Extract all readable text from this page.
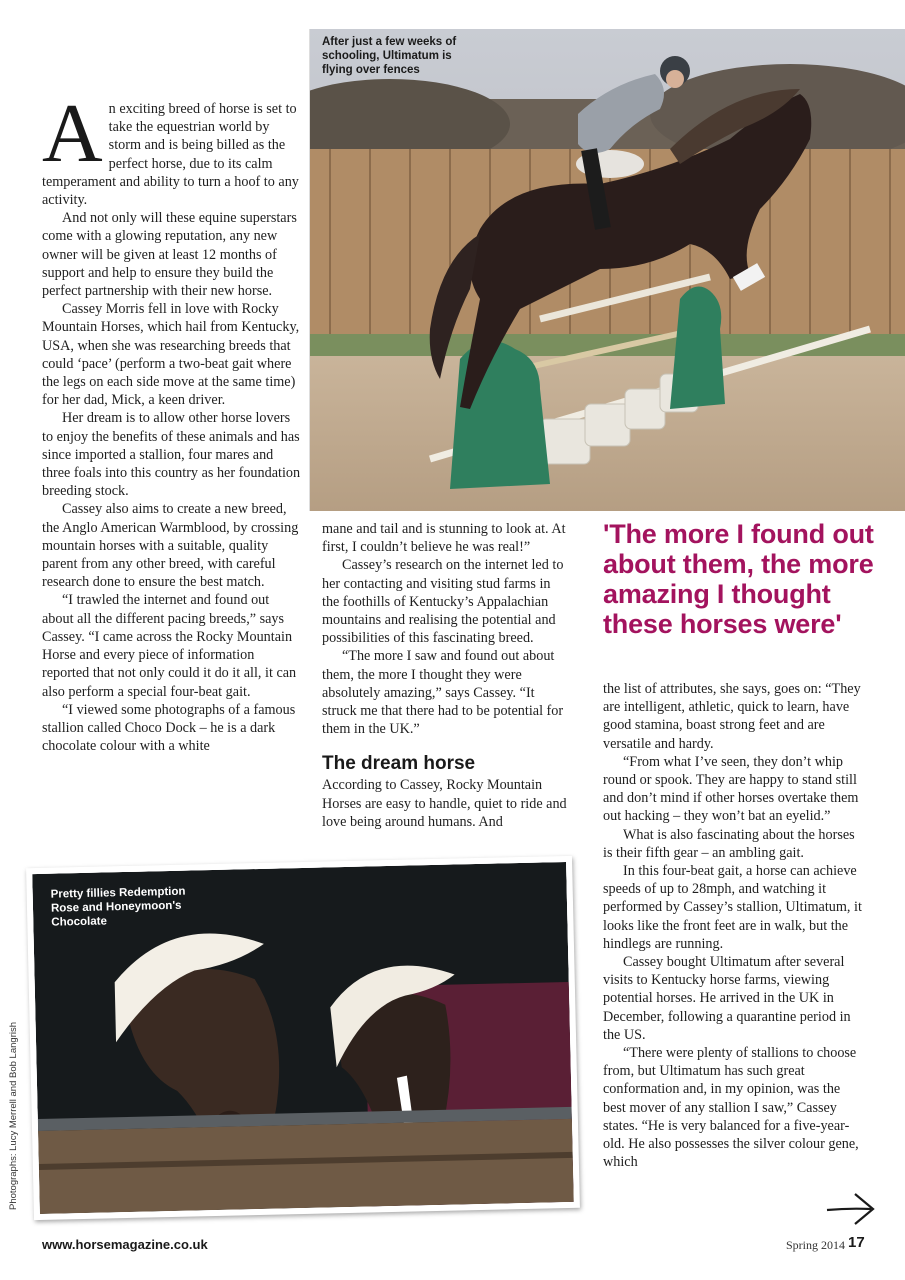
After just a few weeks of schooling, Ultimatum is flying over fences

An exciting breed of horse is set to take the equestrian world by storm and is being billed as the perfect horse, due to its calm temperament and ability to turn a hoof to any activity.

And not only will these equine superstars come with a glowing reputation, any new owner will be given at least 12 months of support and help to ensure they build the perfect partnership with their new horse.

Cassey Morris fell in love with Rocky Mountain Horses, which hail from Kentucky, USA, when she was researching breeds that could ‘pace’ (perform a two-beat gait where the legs on each side move at the same time) for her dad, Mick, a keen driver.

Her dream is to allow other horse lovers to enjoy the benefits of these animals and has since imported a stallion, four mares and three foals into this country as her foundation breeding stock.

Cassey also aims to create a new breed, the Anglo American Warmblood, by crossing mountain horses with a suitable, quality parent from any other breed, with careful research done to ensure the best match.

“I trawled the internet and found out about all the different pacing breeds,” says Cassey. “I came across the Rocky Mountain Horse and every piece of information reported that not only could it do it all, it can also perform a special four-beat gait.

“I viewed some photographs of a famous stallion called Choco Dock – he is a dark chocolate colour with a white

mane and tail and is stunning to look at. At first, I couldn’t believe he was real!”

Cassey’s research on the internet led to her contacting and visiting stud farms in the foothills of Kentucky’s Appalachian mountains and realising the potential and possibilities of this fascinating breed.

“The more I saw and found out about them, the more I thought they were absolutely amazing,” says Cassey. “It struck me that there had to be potential for them in the UK.”

The dream horse

According to Cassey, Rocky Mountain Horses are easy to handle, quiet to ride and love being around humans. And

'The more I found out about them, the more amazing I thought these horses were'

the list of attributes, she says, goes on: “They are intelligent, athletic, quick to learn, have good stamina, boast strong feet and are versatile and hardy.

“From what I’ve seen, they don’t whip round or spook. They are happy to stand still and don’t mind if other horses overtake them out hacking – they won’t bat an eyelid.”

What is also fascinating about the horses is their fifth gear – an ambling gait.

In this four-beat gait, a horse can achieve speeds of up to 28mph, and watching it performed by Cassey’s stallion, Ultimatum, it looks like the front feet are in walk, but the hindlegs are running.

Cassey bought Ultimatum after several visits to Kentucky horse farms, viewing potential horses. He arrived in the UK in December, following a quarantine period in the US.

“There were plenty of stallions to choose from, but Ultimatum has such great conformation and, in my opinion, was the best mover of any stallion I saw,” Cassey states. “He is very balanced for a five-year-old. He also possesses the silver colour gene, which

Pretty fillies Redemption Rose and Honeymoon's Chocolate
Photographs: Lucy Merrell and Bob Langrish
www.horsemagazine.co.uk	Spring 2014 17
